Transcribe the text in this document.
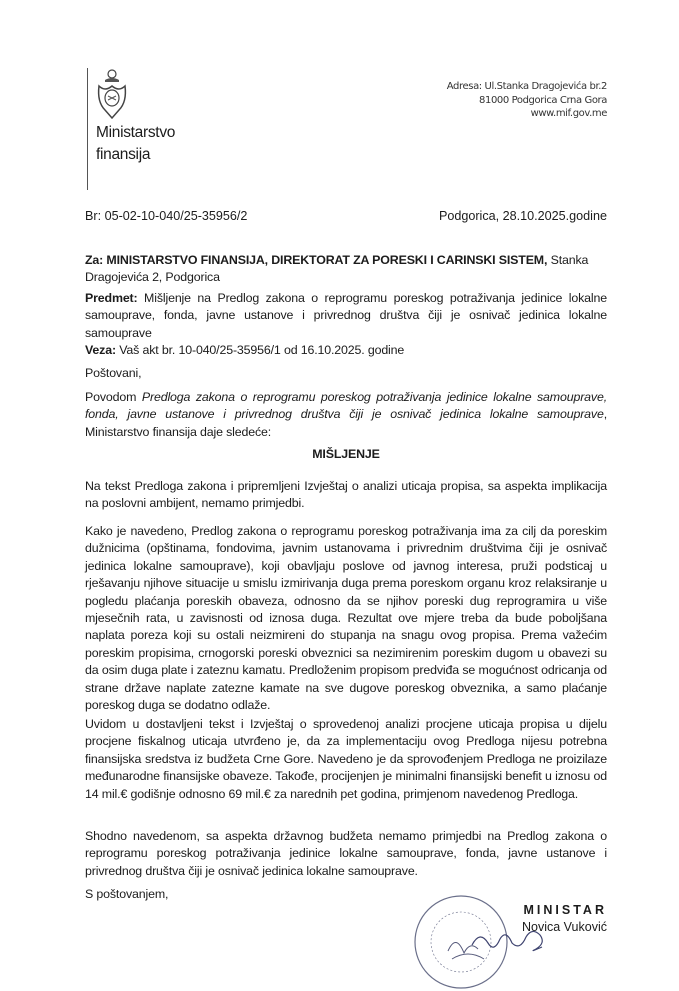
Ministarstvo
finansija
Adresa: Ul.Stanka Dragojevića br.2
81000 Podgorica Crna Gora
www.mif.gov.me
Br: 05-02-10-040/25-35956/2	Podgorica, 28.10.2025.godine
Za: MINISTARSTVO FINANSIJA, DIREKTORAT ZA PORESKI I CARINSKI SISTEM, Stanka Dragojevića 2, Podgorica
Predmet: Mišljenje na Predlog zakona o reprogramu poreskog potraživanja jedinice lokalne samouprave, fonda, javne ustanove i privrednog društva čiji je osnivač jedinica lokalne samouprave
Veza: Vaš akt br. 10-040/25-35956/1 od 16.10.2025. godine
Poštovani,
Povodom Predloga zakona o reprogramu poreskog potraživanja jedinice lokalne samouprave, fonda, javne ustanove i privrednog društva čiji je osnivač jedinica lokalne samouprave, Ministarstvo finansija daje sledeće:
MIŠLJENJE
Na tekst Predloga zakona i pripremljeni Izvještaj o analizi uticaja propisa, sa aspekta implikacija na poslovni ambijent, nemamo primjedbi.
Kako je navedeno, Predlog zakona o reprogramu poreskog potraživanja ima za cilj da poreskim dužnicima (opštinama, fondovima, javnim ustanovama i privrednim društvima čiji je osnivač jedinica lokalne samouprave), koji obavljaju poslove od javnog interesa, pruži podsticaj u rješavanju njihove situacije u smislu izmirivanja duga prema poreskom organu kroz relaksiranje u pogledu plaćanja poreskih obaveza, odnosno da se njihov poreski dug reprogramira u više mjesečnih rata, u zavisnosti od iznosa duga. Rezultat ove mjere treba da bude poboljšana naplata poreza koji su ostali neizmireni do stupanja na snagu ovog propisa. Prema važećim poreskim propisima, crnogorski poreski obveznici sa nezimirenim poreskim dugom u obavezi su da osim duga plate i zateznu kamatu. Predloženim propisom predviđa se mogućnost odricanja od strane države naplate zatezne kamate na sve dugove poreskog obveznika, a samo plaćanje poreskog duga se dodatno odlaže.
Uvidom u dostavljeni tekst i Izvještaj o sprovedenoj analizi procjene uticaja propisa u dijelu procjene fiskalnog uticaja utvrđeno je, da za implementaciju ovog Predloga nijesu potrebna finansijska sredstva iz budžeta Crne Gore. Navedeno je da sprovođenjem Predloga ne proizilaze međunarodne finansijske obaveze. Takođe, procijenjen je minimalni finansijski benefit u iznosu od 14 mil.€ godišnje odnosno 69 mil.€ za narednih pet godina, primjenom navedenog Predloga.
Shodno navedenom, sa aspekta državnog budžeta nemamo primjedbi na Predlog zakona o reprogramu poreskog potraživanja jedinice lokalne samouprave, fonda, javne ustanove i privrednog društva čiji je osnivač jedinica lokalne samouprave.
S poštovanjem,
MINISTAR
Novica Vuković
